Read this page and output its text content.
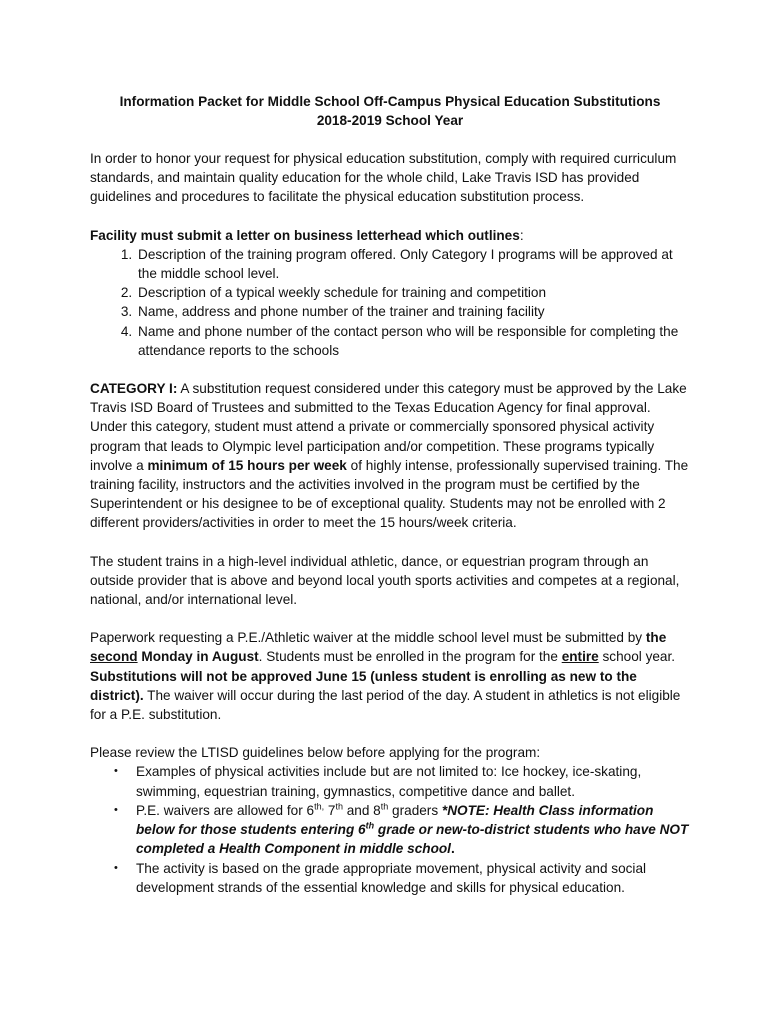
Information Packet for Middle School Off-Campus Physical Education Substitutions
2018-2019 School Year

In order to honor your request for physical education substitution, comply with required curriculum standards, and maintain quality education for the whole child, Lake Travis ISD has provided guidelines and procedures to facilitate the physical education substitution process.

Facility must submit a letter on business letterhead which outlines:

1. Description of the training program offered. Only Category I programs will be approved at the middle school level.
2. Description of a typical weekly schedule for training and competition
3. Name, address and phone number of the trainer and training facility
4. Name and phone number of the contact person who will be responsible for completing the attendance reports to the schools

CATEGORY I: A substitution request considered under this category must be approved by the Lake Travis ISD Board of Trustees and submitted to the Texas Education Agency for final approval. Under this category, student must attend a private or commercially sponsored physical activity program that leads to Olympic level participation and/or competition. These programs typically involve a minimum of 15 hours per week of highly intense, professionally supervised training. The training facility, instructors and the activities involved in the program must be certified by the Superintendent or his designee to be of exceptional quality. Students may not be enrolled with 2 different providers/activities in order to meet the 15 hours/week criteria.

The student trains in a high-level individual athletic, dance, or equestrian program through an outside provider that is above and beyond local youth sports activities and competes at a regional, national, and/or international level.

Paperwork requesting a P.E./Athletic waiver at the middle school level must be submitted by the second Monday in August. Students must be enrolled in the program for the entire school year. Substitutions will not be approved June 15 (unless student is enrolling as new to the district). The waiver will occur during the last period of the day. A student in athletics is not eligible for a P.E. substitution.

Please review the LTISD guidelines below before applying for the program:

• Examples of physical activities include but are not limited to: Ice hockey, ice-skating, swimming, equestrian training, gymnastics, competitive dance and ballet.
• P.E. waivers are allowed for $6^{th,}$ 7th and 8th graders *NOTE: Health Class information below for those students entering 6th grade or new-to-district students who have NOT completed a Health Component in middle school.
• The activity is based on the grade appropriate movement, physical activity and social development strands of the essential knowledge and skills for physical education.
